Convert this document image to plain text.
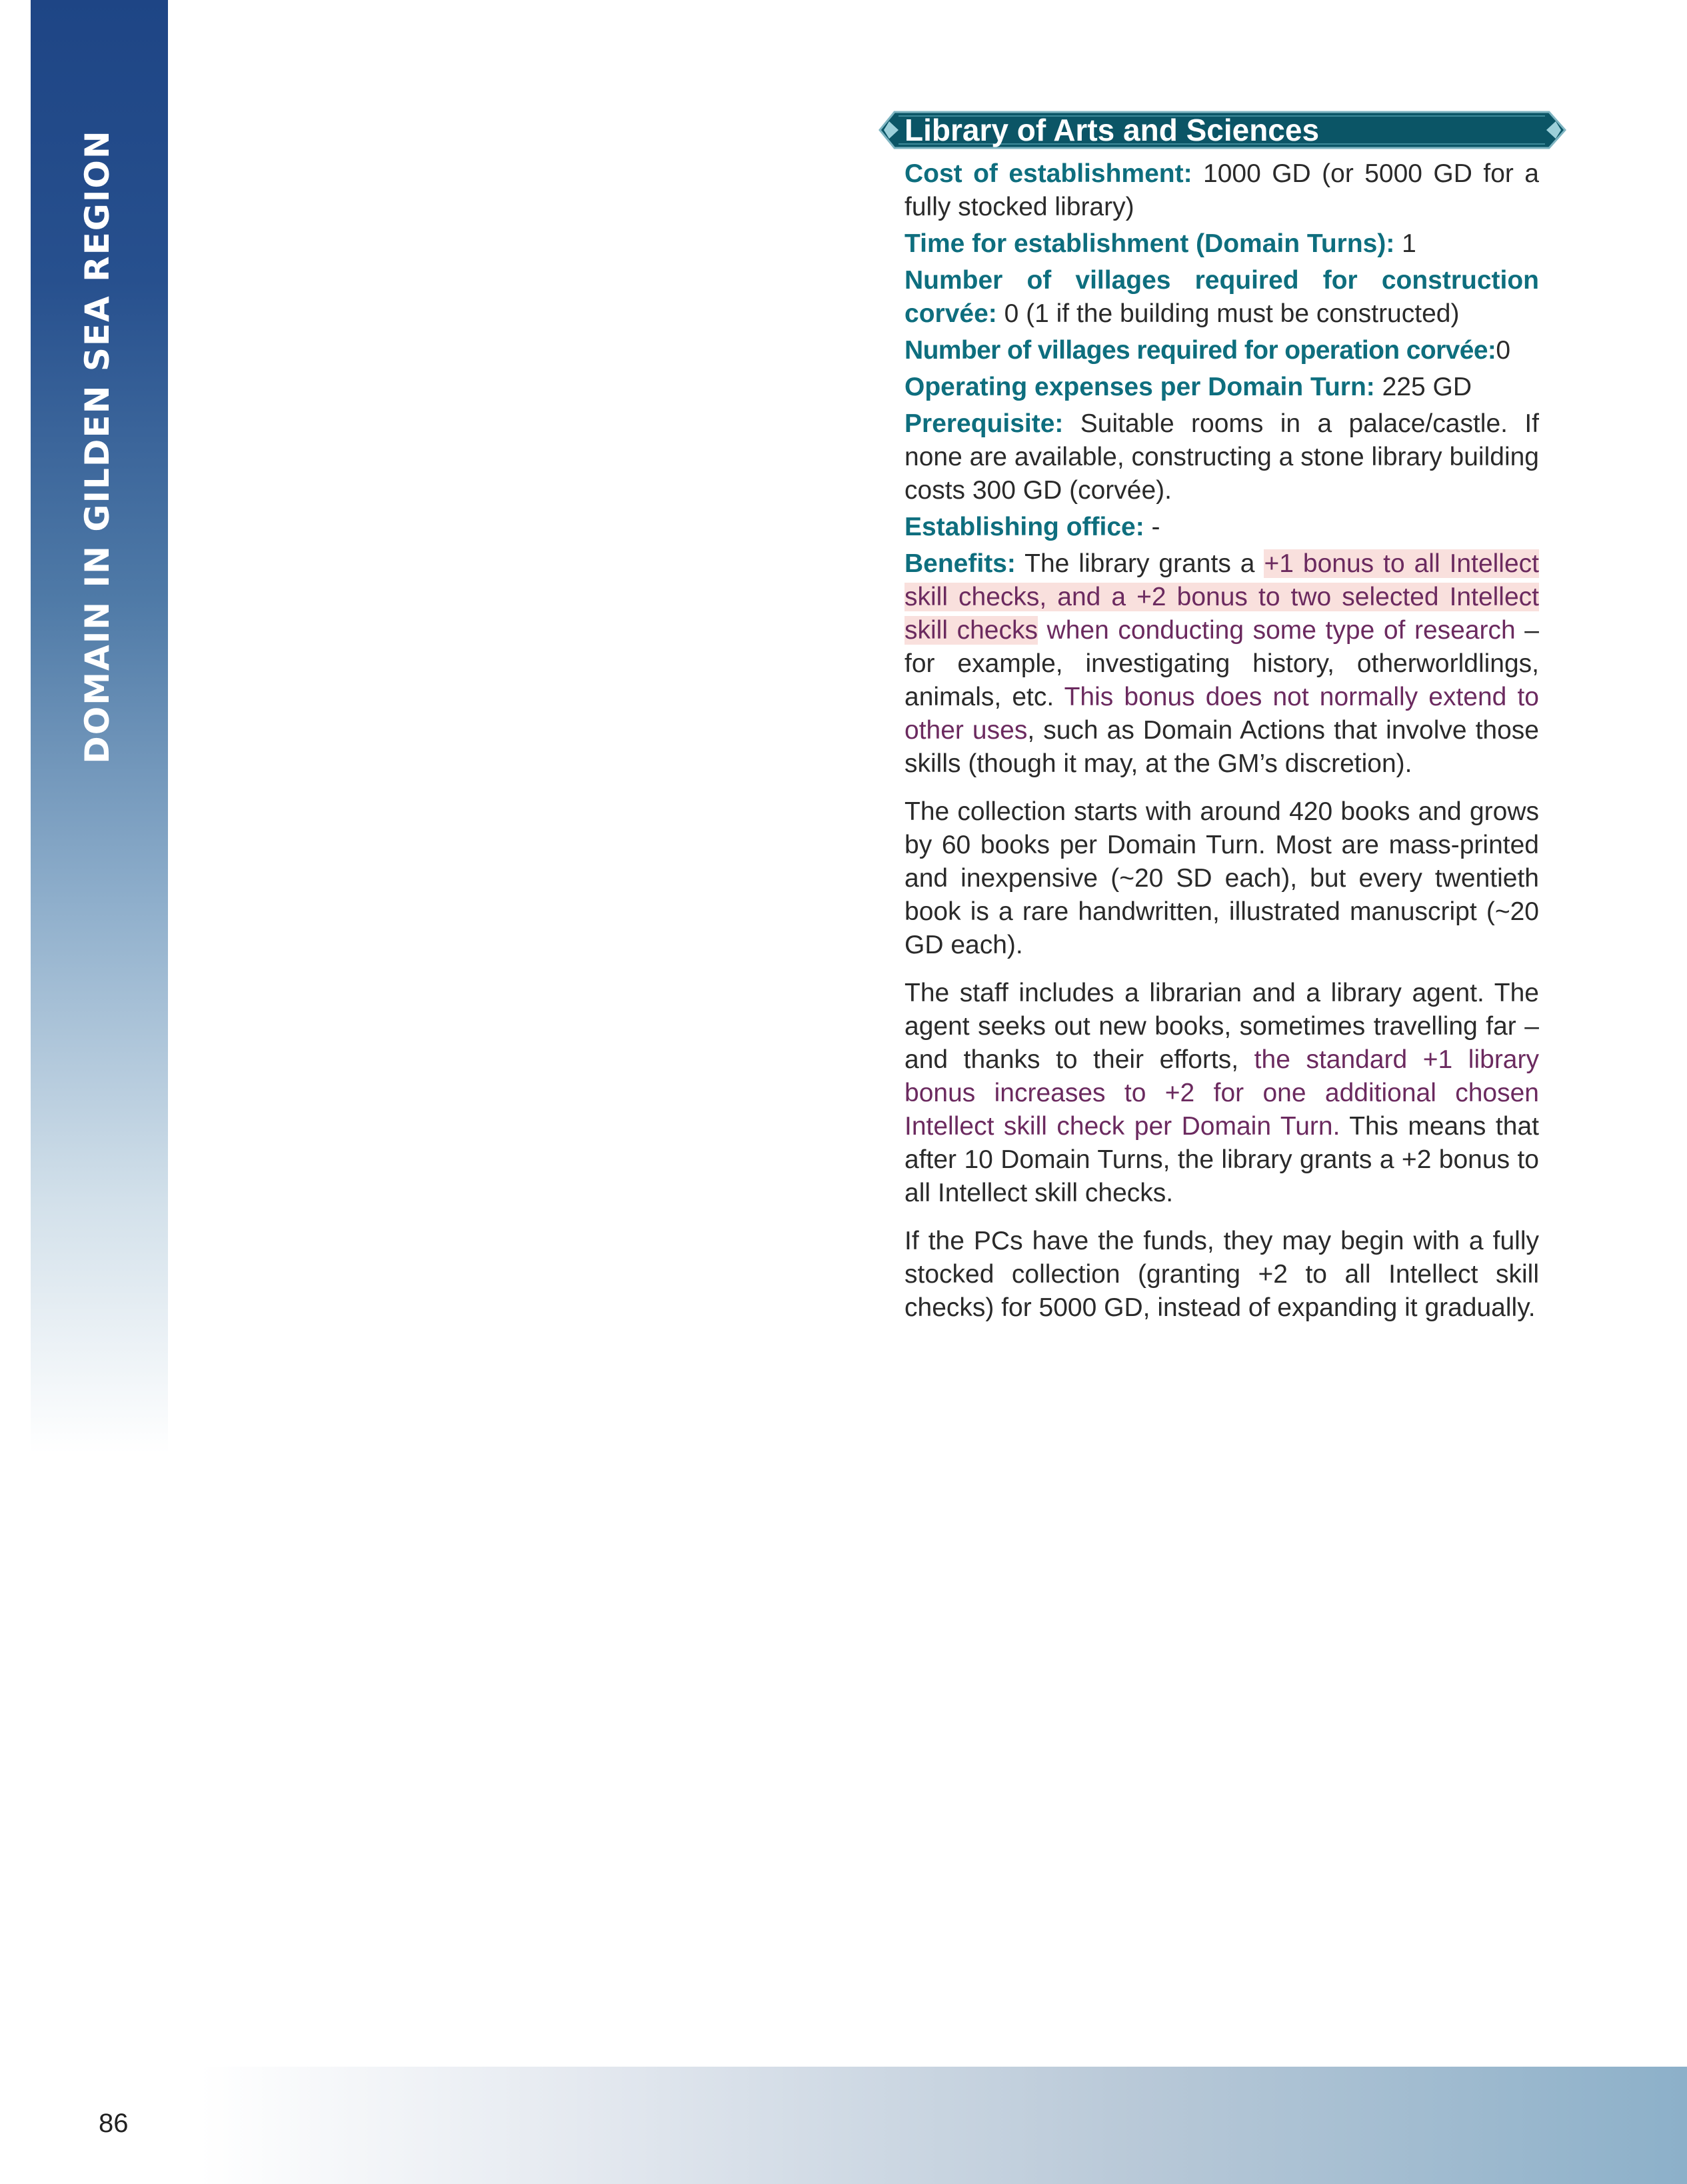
DOMAIN IN GILDEN SEA REGION	Library of Arts and Sciences

Cost of establishment: 1000 GD (or 5000 GD for a fully stocked library)

Time for establishment (Domain Turns): 1

Number of villages required for construction corvée: 0 (1 if the building must be constructed)

Number of villages required for operation corvée:0

Operating expenses per Domain Turn: 225 GD

Prerequisite: Suitable rooms in a palace/castle. If none are available, constructing a stone library building costs 300 GD (corvée).

Establishing office: -

Benefits: The library grants a +1 bonus to all Intellect skill checks, and a +2 bonus to two selected Intellect skill checks when conducting some type of research – for example, investigating history, otherworldlings, animals, etc. This bonus does not normally extend to other uses, such as Domain Actions that involve those skills (though it may, at the GM’s discretion).

The collection starts with around 420 books and grows by 60 books per Domain Turn. Most are mass-printed and inexpensive (~20 SD each), but every twentieth book is a rare handwritten, illustrated manuscript (~20 GD each).

The staff includes a librarian and a library agent. The agent seeks out new books, sometimes travelling far – and thanks to their efforts, the standard +1 library bonus increases to +2 for one additional chosen Intellect skill check per Domain Turn. This means that after 10 Domain Turns, the library grants a +2 bonus to all Intellect skill checks.

If the PCs have the funds, they may begin with a fully stocked collection (granting +2 to all Intellect skill checks) for 5000 GD, instead of expanding it gradually.

86
